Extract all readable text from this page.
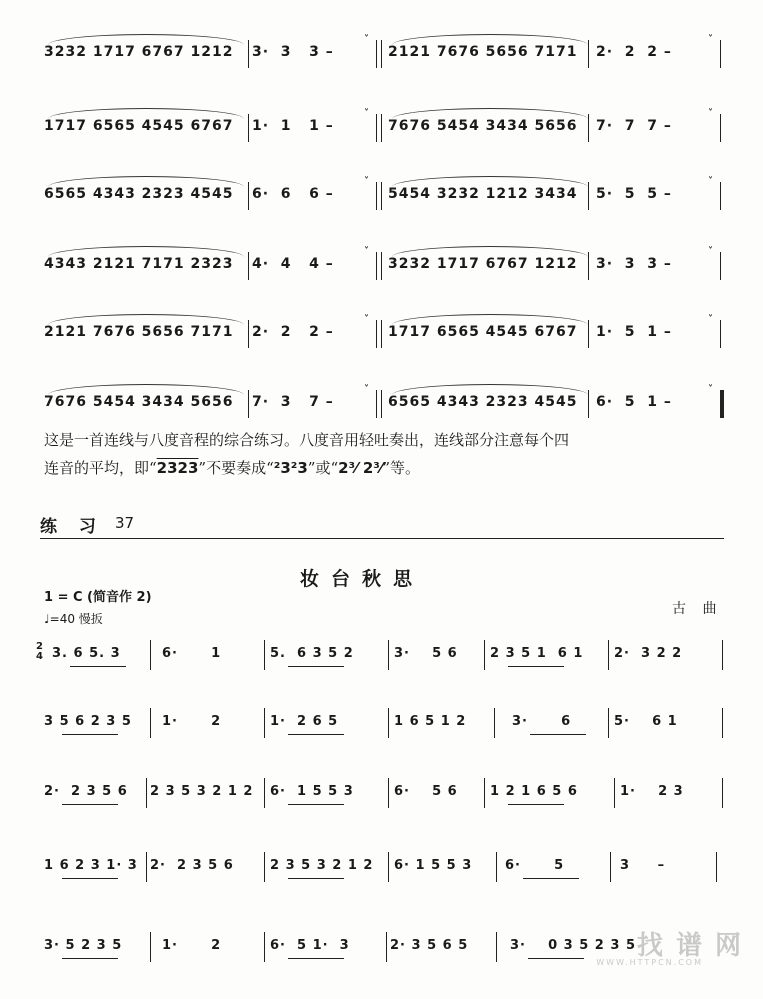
3232 1717 6767 1212 3·  3   3 –
˅
2121 7676 5656 7171 2·  2  2 –
˅
1717 6565 4545 6767 1·  1   1 –
˅
7676 5454 3434 5656 7·  7  7 –
˅
6565 4343 2323 4545 6·  6   6 –
˅
5454 3232 1212 3434 5·  5  5 –
˅
4343 2121 7171 2323 4·  4   4 –
˅
3232 1717 6767 1212 3·  3  3 –
˅
2121 7676 5656 7171 2·  2   2 –
˅
1717 6565 4545 6767 1·  5  1 –
˅
7676 5454 3434 5656 7·  3   7 –
˅
6565 4343 2323 4545 6·  5  1 –
˅
这是一首连线与八度音程的综合练习。八度音用轻吐奏出，连线部分注意每个四
连音的平均，即“2323”不要奏成“²3²3”或“2³⁄ 2³⁄”等。
练 习 37
妆台秋思
1 = C (简音作 2)
♩=40 慢扳
古 曲
2
4 3. 6 5. 3	6·      1	5.  6 3 5 2	3·    5 6 2 3 5 1  6 1 2·  3 2 2
3 5 6 2 3 5 1·      2	1·  2 6 5	1 6 5 1 2	3·      6	5·    6 1
2·  2 3 5 6 2 3 5 3 2 1 2 6·  1 5 5 3	6·    5 6 1 2 1 6 5 6	1·    2 3
1 6 2 3 1· 3 2·  2 3 5 6	2 3 5 3 2 1 2 6· 1 5 5 3	6·      5	3     –
3· 5 2 3 5	1·      2	6·  5 1·  3	2· 3 5 6 5	3·    0 3 5 2 3 5 找 谱 网
WWW.HTTPCN.COM
